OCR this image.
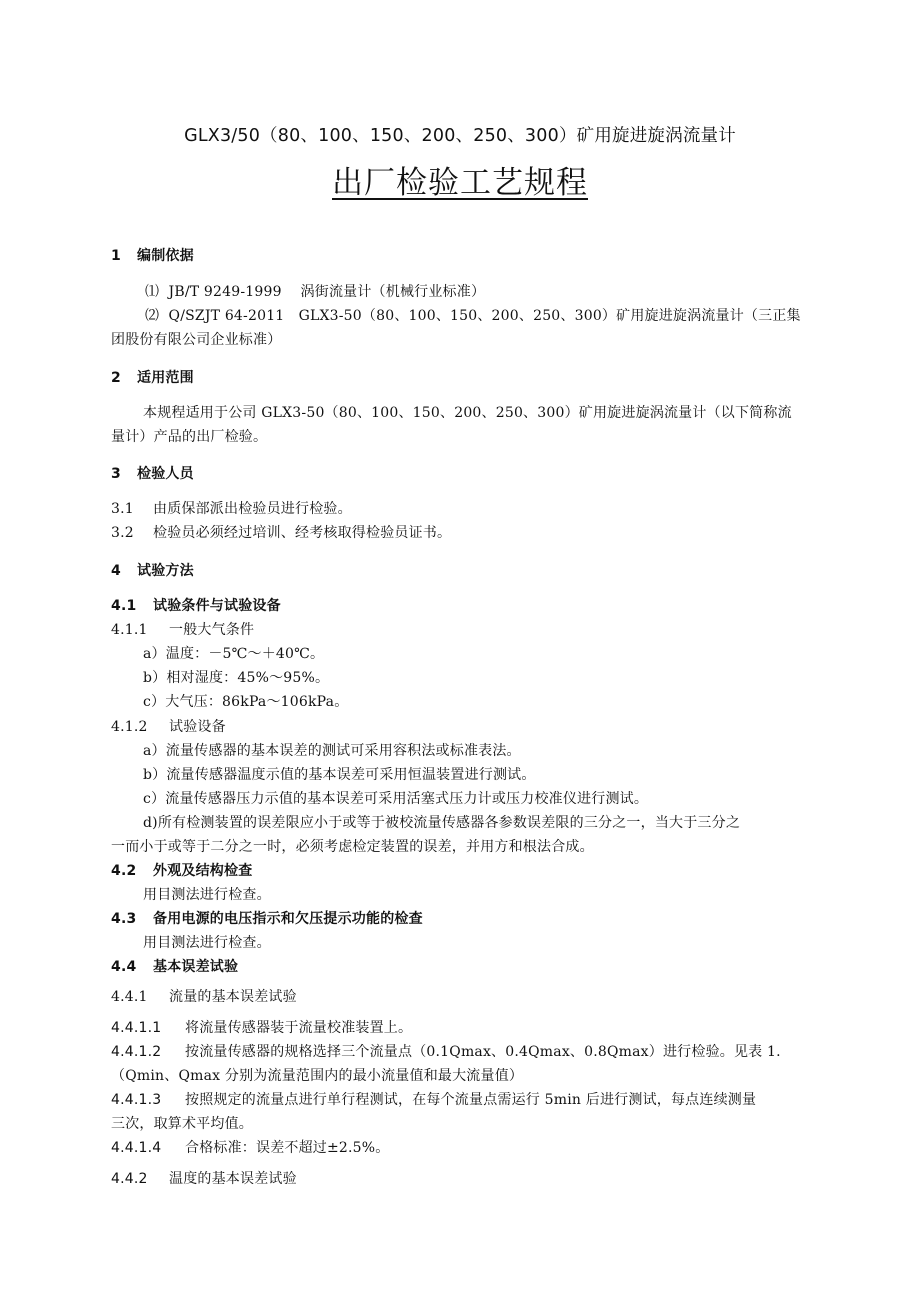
GLX3/50（80、100、150、200、250、300）矿用旋进旋涡流量计
出厂检验工艺规程
1 编制依据
⑴ JB/T 9249-1999　 涡街流量计（机械行业标准）
⑵ Q/SZJT 64-2011　GLX3-50（80、100、150、200、250、300）矿用旋进旋涡流量计（三正集
团股份有限公司企业标准）
2 适用范围
本规程适用于公司 GLX3-50（80、100、150、200、250、300）矿用旋进旋涡流量计（以下简称流
量计）产品的出厂检验。
3 检验人员
3.1 由质保部派出检验员进行检验。
3.2 检验员必须经过培训、经考核取得检验员证书。
4 试验方法
4.1 试验条件与试验设备
4.1.1 一般大气条件
a）温度：－5℃～＋40℃。
b）相对湿度：45%～95%。
c）大气压：86kPa～106kPa。
4.1.2 试验设备
a）流量传感器的基本误差的测试可采用容积法或标准表法。
b）流量传感器温度示值的基本误差可采用恒温装置进行测试。
c）流量传感器压力示值的基本误差可采用活塞式压力计或压力校准仪进行测试。
d)所有检测装置的误差限应小于或等于被校流量传感器各参数误差限的三分之一，当大于三分之
一而小于或等于二分之一时，必须考虑检定装置的误差，并用方和根法合成。
4.2 外观及结构检查
用目测法进行检查。
4.3 备用电源的电压指示和欠压提示功能的检查
用目测法进行检查。
4.4 基本误差试验
4.4.1 流量的基本误差试验
4.4.1.1 将流量传感器装于流量校准装置上。
4.4.1.2 按流量传感器的规格选择三个流量点（0.1Qmax、0.4Qmax、0.8Qmax）进行检验。见表 1.
（Qmin、Qmax 分别为流量范围内的最小流量值和最大流量值）
4.4.1.3 按照规定的流量点进行单行程测试，在每个流量点需运行 5min 后进行测试，每点连续测量
三次，取算术平均值。
4.4.1.4 合格标准：误差不超过±2.5%。
4.4.2 温度的基本误差试验
